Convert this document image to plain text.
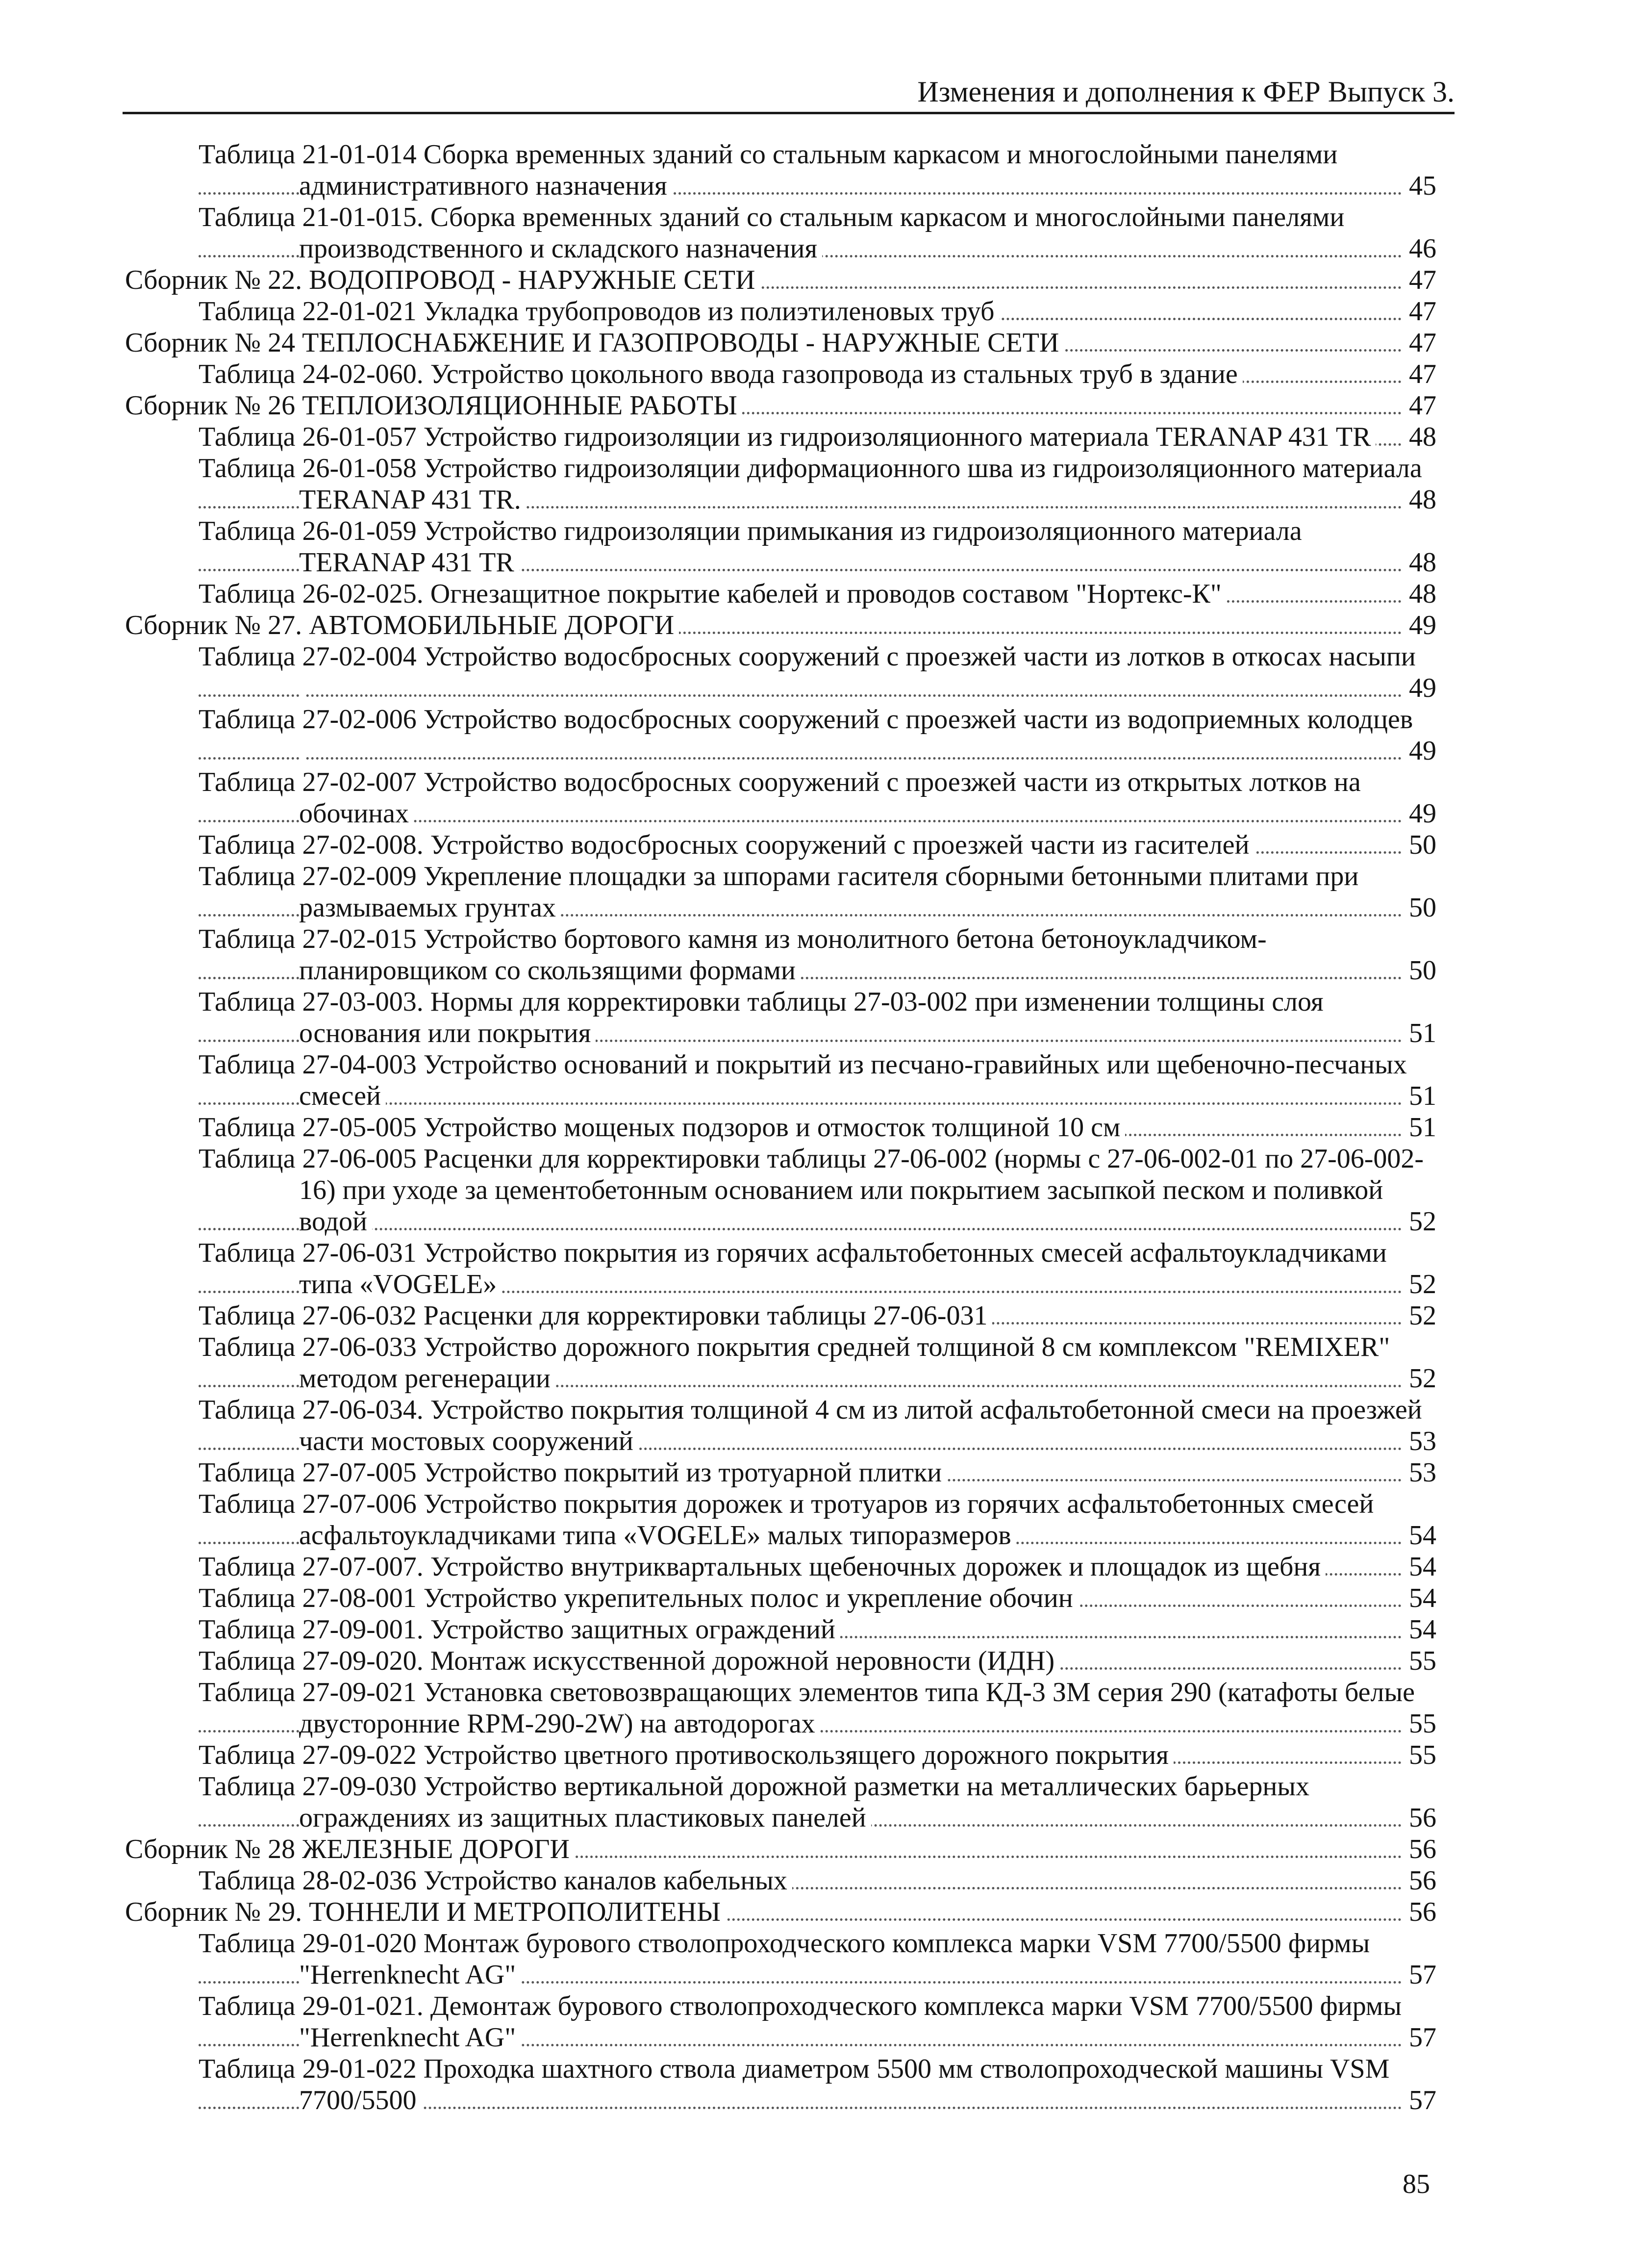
Изменения и дополнения к ФЕР Выпуск 3.
Таблица 21-01-014 Сборка временных зданий со стальным каркасом и многослойными панелями
административного назначения	45
Таблица 21-01-015. Сборка временных зданий со стальным каркасом и многослойными панелями
производственного и складского назначения	46
Сборник № 22. ВОДОПРОВОД - НАРУЖНЫЕ СЕТИ	47
Таблица 22-01-021 Укладка трубопроводов из полиэтиленовых труб	47
Сборник № 24 ТЕПЛОСНАБЖЕНИЕ И ГАЗОПРОВОДЫ - НАРУЖНЫЕ СЕТИ	47
Таблица 24-02-060. Устройство цокольного ввода газопровода из стальных труб в здание	47
Сборник № 26 ТЕПЛОИЗОЛЯЦИОННЫЕ РАБОТЫ	47
Таблица 26-01-057 Устройство гидроизоляции из гидроизоляционного материала TERANAP 431 TR 48
Таблица 26-01-058 Устройство гидроизоляции диформационного шва из гидроизоляционного материала
TERANAP 431 TR.	48
Таблица 26-01-059 Устройство гидроизоляции примыкания из гидроизоляционного материала
TERANAP 431 TR	48
Таблица 26-02-025. Огнезащитное покрытие кабелей и проводов составом "Нортекс-К"	48
Сборник № 27. АВТОМОБИЛЬНЫЕ ДОРОГИ	49
Таблица 27-02-004 Устройство водосбросных сооружений с проезжей части из лотков в откосах насыпи
49
Таблица 27-02-006 Устройство водосбросных сооружений с проезжей части из водоприемных колодцев
49
Таблица 27-02-007 Устройство водосбросных сооружений с проезжей части из открытых лотков на
обочинах	49
Таблица 27-02-008. Устройство водосбросных сооружений с проезжей части из гасителей	50
Таблица 27-02-009 Укрепление площадки за шпорами гасителя сборными бетонными плитами при
размываемых грунтах	50
Таблица 27-02-015 Устройство бортового камня из монолитного бетона бетоноукладчиком-
планировщиком со скользящими формами	50
Таблица 27-03-003. Нормы для корректировки таблицы 27-03-002 при изменении толщины слоя
основания или покрытия	51
Таблица 27-04-003 Устройство оснований и покрытий из песчано-гравийных или щебеночно-песчаных
смесей	51
Таблица 27-05-005 Устройство мощеных подзоров и отмосток толщиной 10 см	51
Таблица 27-06-005 Расценки для корректировки таблицы 27-06-002 (нормы с 27-06-002-01 по 27-06-002-
16) при уходе за цементобетонным основанием или покрытием засыпкой песком и поливкой
водой	52
Таблица 27-06-031 Устройство покрытия из горячих асфальтобетонных смесей асфальтоукладчиками
типа «VOGELE»	52
Таблица 27-06-032 Расценки для корректировки таблицы 27-06-031	52
Таблица 27-06-033 Устройство дорожного покрытия средней толщиной 8 см комплексом "REMIXER"
методом регенерации	52
Таблица 27-06-034. Устройство покрытия толщиной 4 см из литой асфальтобетонной смеси на проезжей
части мостовых сооружений	53
Таблица 27-07-005 Устройство покрытий из тротуарной плитки	53
Таблица 27-07-006 Устройство покрытия дорожек и тротуаров из горячих асфальтобетонных смесей
асфальтоукладчиками типа «VOGELE» малых типоразмеров	54
Таблица 27-07-007. Устройство внутриквартальных щебеночных дорожек и площадок из щебня	54
Таблица 27-08-001 Устройство укрепительных полос и укрепление обочин	54
Таблица 27-09-001. Устройство защитных ограждений	54
Таблица 27-09-020. Монтаж искусственной дорожной неровности (ИДН)	55
Таблица 27-09-021 Установка световозвращающих элементов типа КД-3 ЗМ серия 290 (катафоты белые
двусторонние RPM-290-2W) на автодорогах	55
Таблица 27-09-022 Устройство цветного противоскользящего дорожного покрытия	55
Таблица 27-09-030 Устройство вертикальной дорожной разметки на металлических барьерных
ограждениях из защитных пластиковых панелей	56
Сборник № 28 ЖЕЛЕЗНЫЕ ДОРОГИ	56
Таблица 28-02-036 Устройство каналов кабельных	56
Сборник № 29. ТОННЕЛИ И МЕТРОПОЛИТЕНЫ	56
Таблица 29-01-020 Монтаж бурового стволопроходческого комплекса марки VSM 7700/5500 фирмы
"Herrenknecht AG"	57
Таблица 29-01-021. Демонтаж бурового стволопроходческого комплекса марки VSM 7700/5500 фирмы
"Herrenknecht AG"	57
Таблица 29-01-022 Проходка шахтного ствола диаметром 5500 мм стволопроходческой машины VSM
7700/5500	57
85
